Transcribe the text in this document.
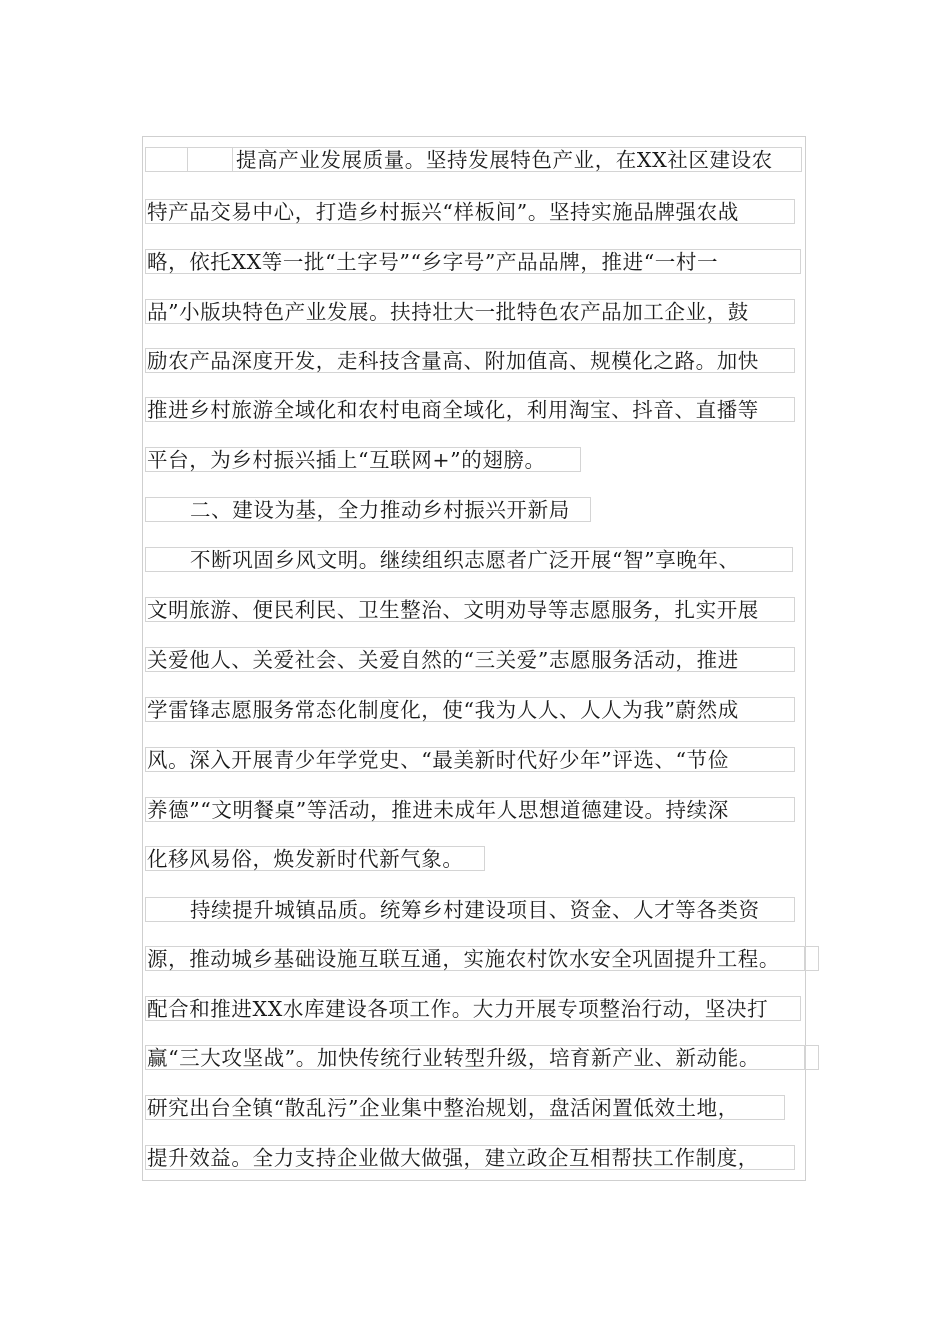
提高产业发展质量。坚持发展特色产业，在XX社区建设农
特产品交易中心，打造乡村振兴“样板间”。坚持实施品牌强农战
略，依托XX等一批“土字号”“乡字号”产品品牌，推进“一村一
品”小版块特色产业发展。扶持壮大一批特色农产品加工企业，鼓
励农产品深度开发，走科技含量高、附加值高、规模化之路。加快
推进乡村旅游全域化和农村电商全域化，利用淘宝、抖音、直播等
平台，为乡村振兴插上“互联网+”的翅膀。
二、建设为基，全力推动乡村振兴开新局
不断巩固乡风文明。继续组织志愿者广泛开展“智”享晚年、
文明旅游、便民利民、卫生整治、文明劝导等志愿服务，扎实开展
关爱他人、关爱社会、关爱自然的“三关爱”志愿服务活动，推进
学雷锋志愿服务常态化制度化，使“我为人人、人人为我”蔚然成
风。深入开展青少年学党史、“最美新时代好少年”评选、“节俭
养德”“文明餐桌”等活动，推进未成年人思想道德建设。持续深
化移风易俗，焕发新时代新气象。
持续提升城镇品质。统筹乡村建设项目、资金、人才等各类资
源，推动城乡基础设施互联互通，实施农村饮水安全巩固提升工程。
配合和推进XX水库建设各项工作。大力开展专项整治行动，坚决打
赢“三大攻坚战”。加快传统行业转型升级，培育新产业、新动能。
研究出台全镇“散乱污”企业集中整治规划，盘活闲置低效土地，
提升效益。全力支持企业做大做强，建立政企互相帮扶工作制度，
